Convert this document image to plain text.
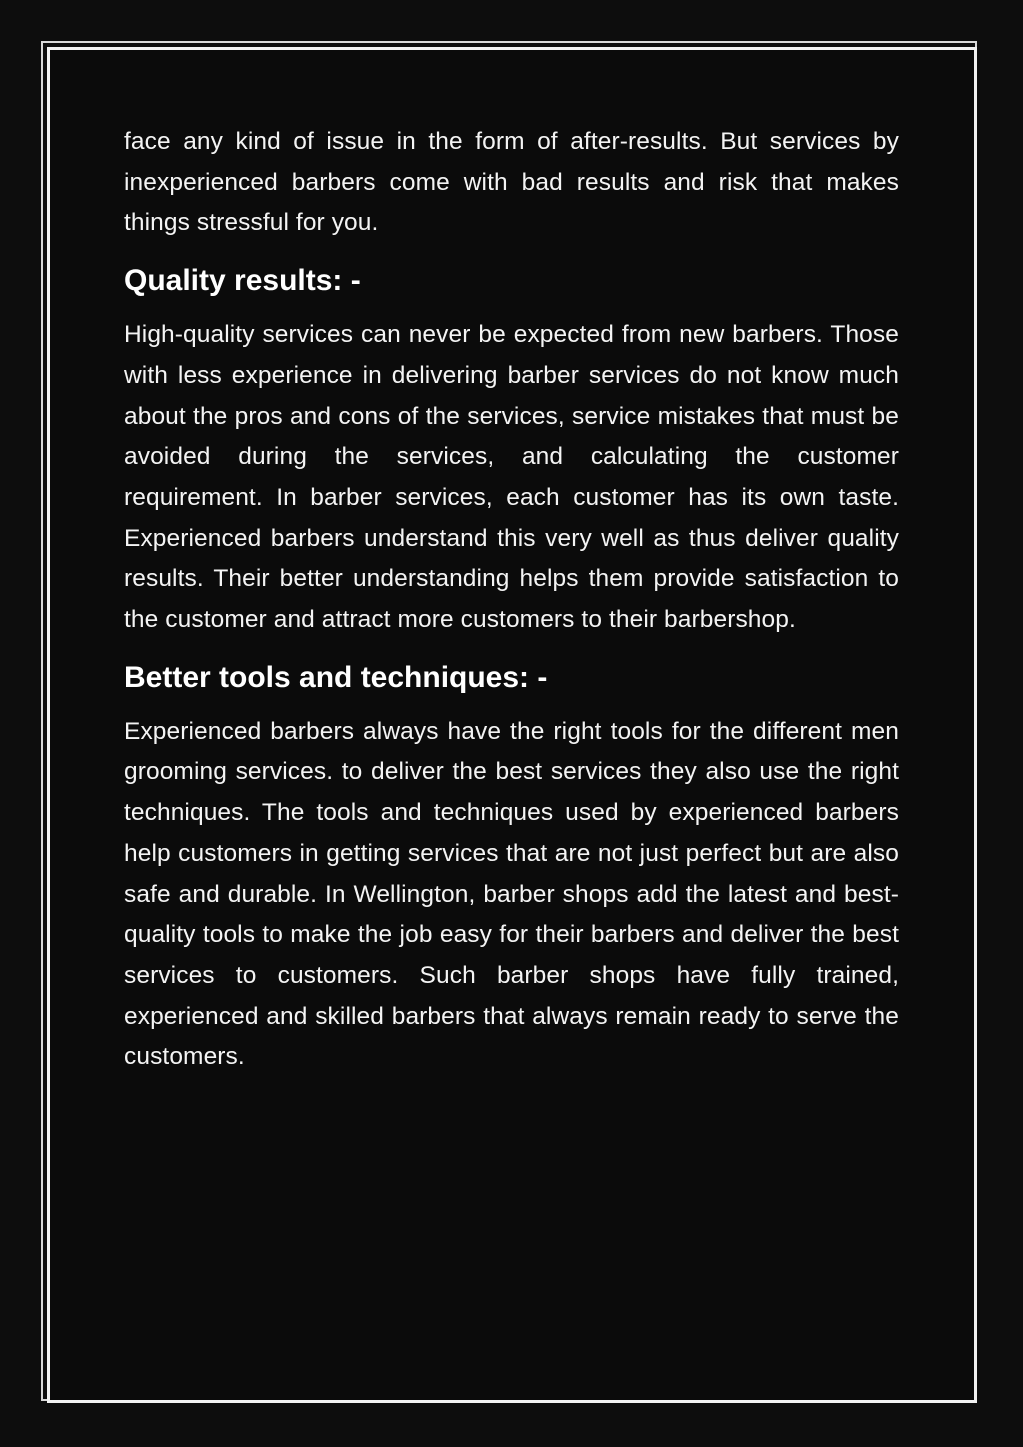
face any kind of issue in the form of after-results. But services by inexperienced barbers come with bad results and risk that makes things stressful for you.

Quality results: -

High-quality services can never be expected from new barbers. Those with less experience in delivering barber services do not know much about the pros and cons of the services, service mistakes that must be avoided during the services, and calculating the customer requirement. In barber services, each customer has its own taste. Experienced barbers understand this very well as thus deliver quality results. Their better understanding helps them provide satisfaction to the customer and attract more customers to their barbershop.

Better tools and techniques: -

Experienced barbers always have the right tools for the different men grooming services. to deliver the best services they also use the right techniques. The tools and techniques used by experienced barbers help customers in getting services that are not just perfect but are also safe and durable. In Wellington, barber shops add the latest and best-quality tools to make the job easy for their barbers and deliver the best services to customers. Such barber shops have fully trained, experienced and skilled barbers that always remain ready to serve the customers.
